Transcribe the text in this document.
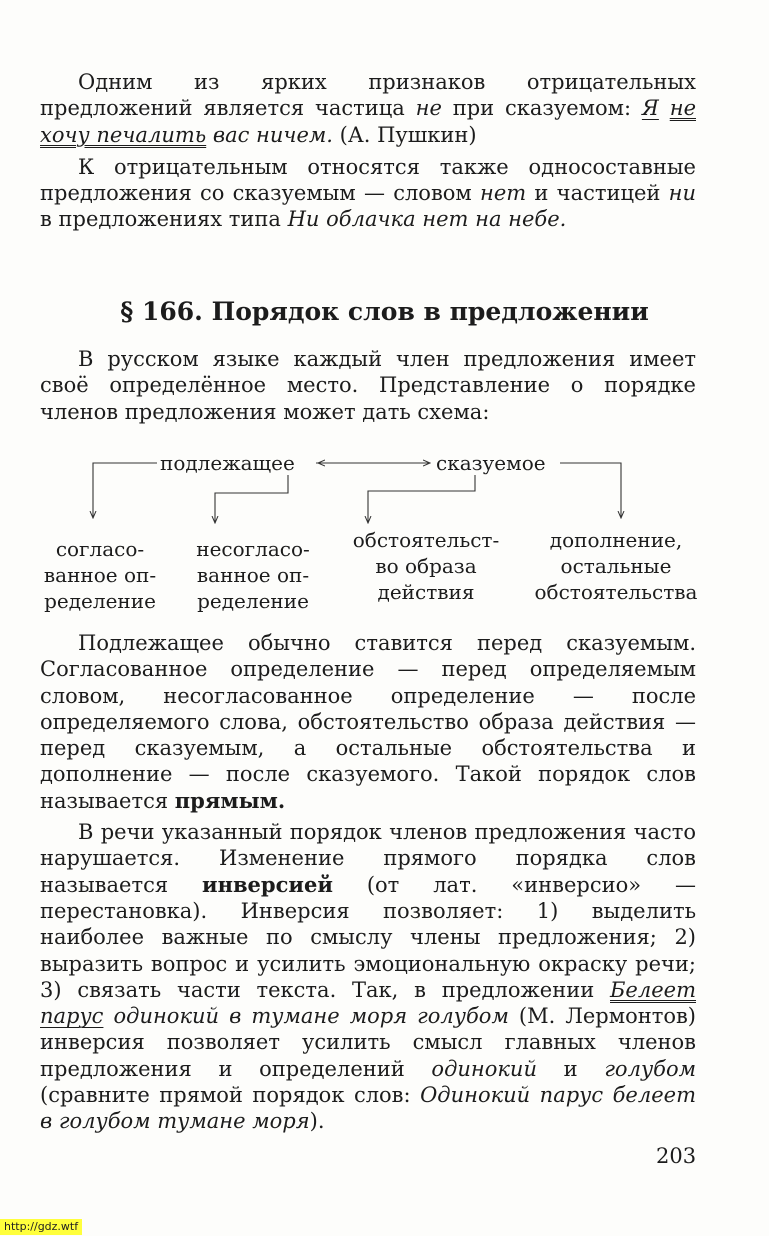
Одним из ярких признаков отрицательных предложений является частица не при сказуемом: Я не хочу печалить вас ничем. (А. Пушкин)

К отрицательным относятся также односоставные предложения со сказуемым — словом нет и частицей ни в предложениях типа Ни облачка нет на небе.

§ 166. Порядок слов в предложении

В русском языке каждый член предложения имеет своё определённое место. Представление о порядке членов предложения может дать схема:

подлежащее	сказуемое
согласо-
ванное оп-
ределение
несогласо-
ванное оп-
ределение
обстоятельст-
во образа
действия
дополнение,
остальные
обстоятельства

Подлежащее обычно ставится перед сказуемым. Согласованное определение — перед определяемым словом, несогласованное определение — после определяемого слова, обстоятельство образа действия — перед сказуемым, а остальные обстоятельства и дополнение — после сказуемого. Такой порядок слов называется прямым.

В речи указанный порядок членов предложения часто нарушается. Изменение прямого порядка слов называется инверсией (от лат. «инверсио» — перестановка). Инверсия позволяет: 1) выделить наиболее важные по смыслу члены предложения; 2) выразить вопрос и усилить эмоциональную окраску речи; 3) связать части текста. Так, в предложении Белеет парус одинокий в тумане моря голубом (М. Лермонтов) инверсия позволяет усилить смысл главных членов предложения и определений одинокий и голубом (сравните прямой порядок слов: Одинокий парус белеет в голубом тумане моря).

203
http://gdz.wtf
